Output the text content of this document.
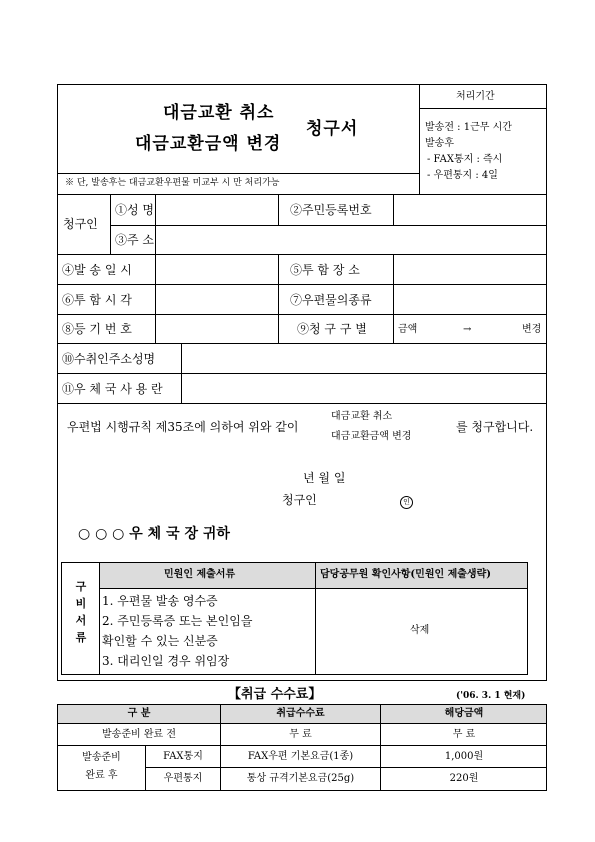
대금교환 취소
대금교환금액 변경
청구서
처리기간
발송전 : 1근무 시간
발송후
- FAX통지 : 즉시
- 우편통지 : 4일
※ 단, 발송후는 대금교환우편물 미교부 시 만 처리가능
청구인
①성 명	②주민등록번호
③주 소
④발 송 일 시	⑤투 함 장 소
⑥투 함 시 각	⑦우편물의종류
⑧등 기 번 호	⑨청 구 구 별	금액	→	변경
⑩수취인주소성명
⑪우 체 국 사 용 란
우편법 시행규칙 제35조에 의하여 위와 같이
대금교환 취소
대금교환금액 변경
를 청구합니다.
년 월 일
청구인	인
○ ○ ○ 우 체 국 장 귀하
구비서류
민원인 제출서류	담당공무원 확인사항(민원인 제출생략)
1. 우편물 발송 영수증
2. 주민등록증 또는 본인임을
확인할 수 있는 신분증
3. 대리인일 경우 위임장
삭제
【취급 수수료】	('06. 3. 1 현재)
구 분	취급수수료	해당금액
발송준비 완료 전	무 료	무 료
발송준비
완료 후
FAX통지	FAX우편 기본요금(1종)	1,000원
우편통지	통상 규격기본요금(25g)	220원
